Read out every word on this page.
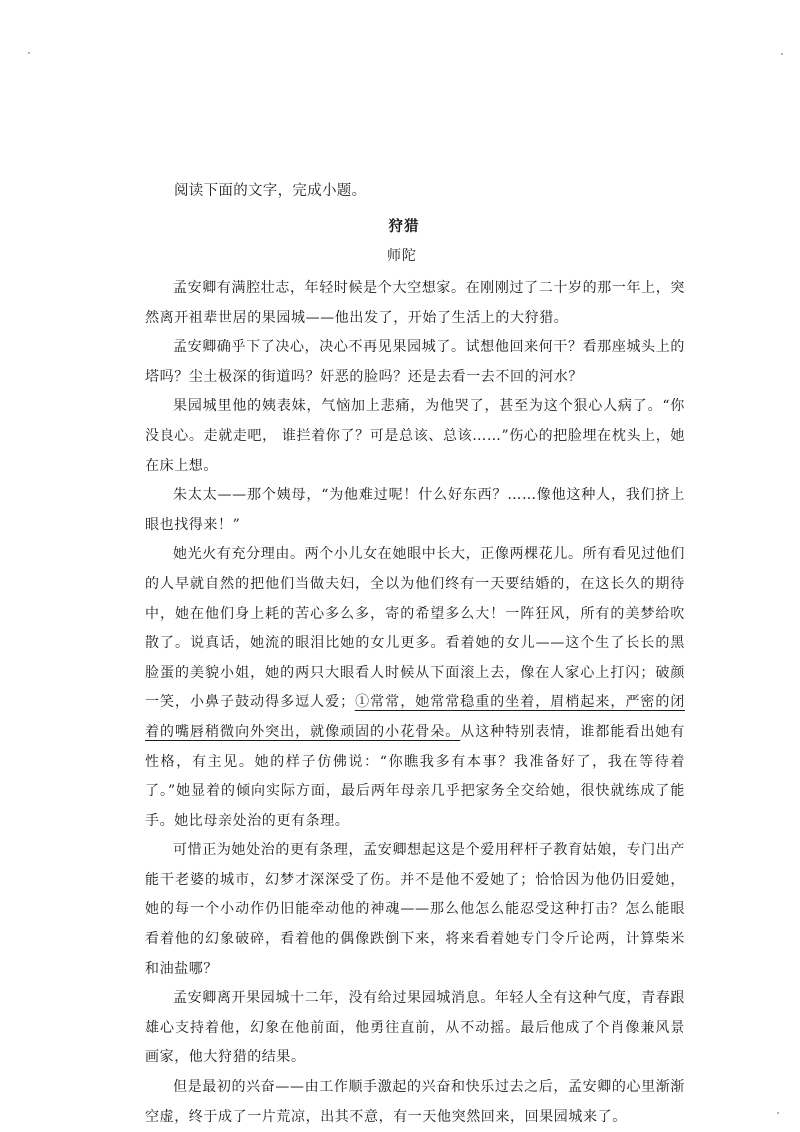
阅读下面的文字，完成小题。
狩猎
师陀

孟安卿有满腔壮志，年轻时候是个大空想家。在刚刚过了二十岁的那一年上，突然离开祖辈世居的果园城——他出发了，开始了生活上的大狩猎。

孟安卿确乎下了决心，决心不再见果园城了。试想他回来何干？看那座城头上的塔吗？尘土极深的街道吗？奸恶的脸吗？还是去看一去不回的河水？

果园城里他的姨表妹，气恼加上悲痛，为他哭了，甚至为这个狠心人病了。“你没良心。走就走吧， 谁拦着你了？可是总该、总该……”伤心的把脸埋在枕头上，她在床上想。

朱太太——那个姨母，“为他难过呢！什么好东西？……像他这种人，我们挤上眼也找得来！”

她光火有充分理由。两个小儿女在她眼中长大，正像两棵花儿。所有看见过他们的人早就自然的把他们当做夫妇，全以为他们终有一天要结婚的，在这长久的期待中，她在他们身上耗的苦心多么多，寄的希望多么大！一阵狂风，所有的美梦给吹散了。说真话，她流的眼泪比她的女儿更多。看着她的女儿——这个生了长长的黑脸蛋的美貌小姐，她的两只大眼看人时候从下面滚上去，像在人家心上打闪；破颜一笑，小鼻子鼓动得多逗人爱；①常常，她常常稳重的坐着，眉梢起来，严密的闭着的嘴唇稍微向外突出，就像顽固的小花骨朵。从这种特别表情，谁都能看出她有性格，有主见。她的样子仿佛说：“你瞧我多有本事？我准备好了，我在等待着了。”她显着的倾向实际方面，最后两年母亲几乎把家务全交给她，很快就练成了能手。她比母亲处治的更有条理。

可惜正为她处治的更有条理，孟安卿想起这是个爱用秤杆子教育姑娘，专门出产能干老婆的城市，幻梦才深深受了伤。并不是他不爱她了；恰恰因为他仍旧爱她，她的每一个小动作仍旧能牵动他的神魂——那么他怎么能忍受这种打击？怎么能眼看着他的幻象破碎，看着他的偶像跌倒下来，将来看着她专门令斤论两，计算柴米和油盐哪？

孟安卿离开果园城十二年，没有给过果园城消息。年轻人全有这种气度，青春跟雄心支持着他，幻象在他前面，他勇往直前，从不动摇。最后他成了个肖像兼风景画家，他大狩猎的结果。

但是最初的兴奋——由工作顺手激起的兴奋和快乐过去之后，孟安卿的心里渐渐空虚，终于成了一片荒凉，出其不意，有一天他突然回来，回果园城来了。
